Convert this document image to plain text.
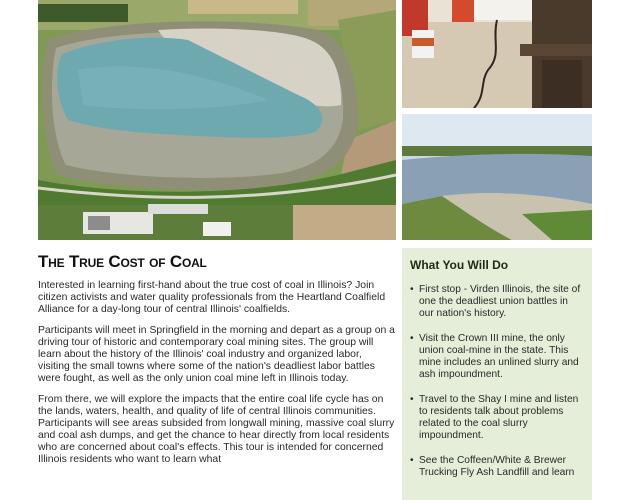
The True Cost of Coal

Interested in learning first-hand about the true cost of coal in Illinois? Join citizen activists and water quality professionals from the Heartland Coalfield Alliance for a day-long tour of central Illinois' coalfields.

Participants will meet in Springfield in the morning and depart as a group on a driving tour of historic and contemporary coal mining sites. The group will learn about the history of the Illinois' coal industry and organized labor, visiting the small towns where some of the nation's deadliest labor battles were fought, as well as the only union coal mine left in Illinois today.

From there, we will explore the impacts that the entire coal life cycle has on the lands, waters, health, and quality of life of central Illinois communities. Participants will see areas subsided from longwall mining, massive coal slurry and coal ash dumps, and get the chance to hear directly from local residents who are concerned about coal's effects. This tour is intended for concerned Illinois residents who want to learn what

What You Will Do
• First stop - Virden Illinois, the site of one the deadliest union battles in our nation's history.
• Visit the Crown III mine, the only union coal-mine in the state. This mine includes an unlined slurry and ash impoundment.
• Travel to the Shay I mine and listen to residents talk about problems related to the coal slurry impoundment.
• See the Coffeen/White & Brewer Trucking Fly Ash Landfill and learn
